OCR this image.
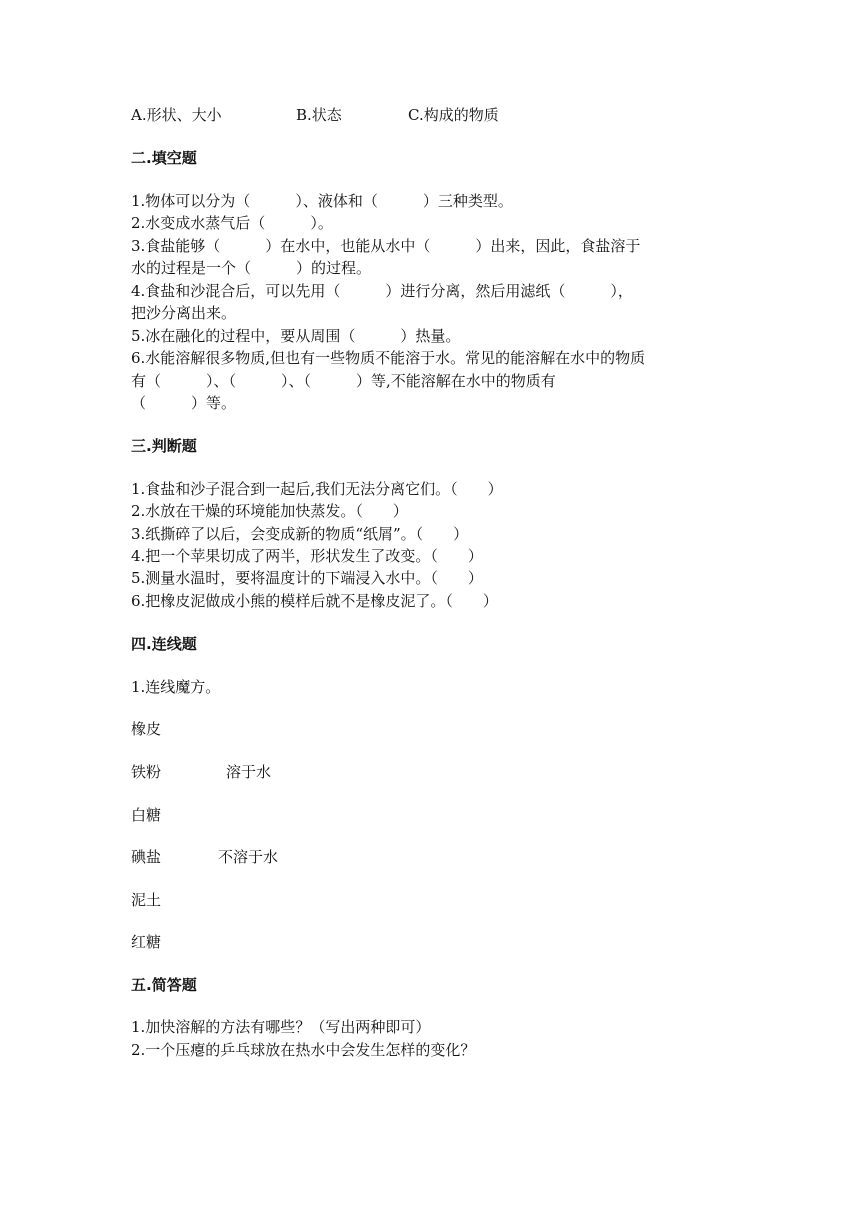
A.形状、大小	B.状态	C.构成的物质
二.填空题
1.物体可以分为（　　　）、液体和（　　　）三种类型。
2.水变成水蒸气后（　　　）。
3.食盐能够（　　　）在水中，也能从水中（　　　）出来，因此，食盐溶于
水的过程是一个（　　　）的过程。
4.食盐和沙混合后，可以先用（　　　）进行分离，然后用滤纸（　　　），
把沙分离出来。
5.冰在融化的过程中，要从周围（　　　）热量。
6.水能溶解很多物质,但也有一些物质不能溶于水。常见的能溶解在水中的物质
有（　　　）、（　　　）、（　　　）等,不能溶解在水中的物质有
（　　　）等。
三.判断题
1.食盐和沙子混合到一起后,我们无法分离它们。（　　）
2.水放在干燥的环境能加快蒸发。（　　）
3.纸撕碎了以后，会变成新的物质“纸屑”。（　　）
4.把一个苹果切成了两半，形状发生了改变。（　　）
5.测量水温时，要将温度计的下端浸入水中。（　　）
6.把橡皮泥做成小熊的模样后就不是橡皮泥了。（　　）
四.连线题
1.连线魔方。
橡皮
铁粉	溶于水
白糖
碘盐	不溶于水
泥土
红糖
五.简答题
1.加快溶解的方法有哪些？（写出两种即可）
2.一个压瘪的乒乓球放在热水中会发生怎样的变化？
